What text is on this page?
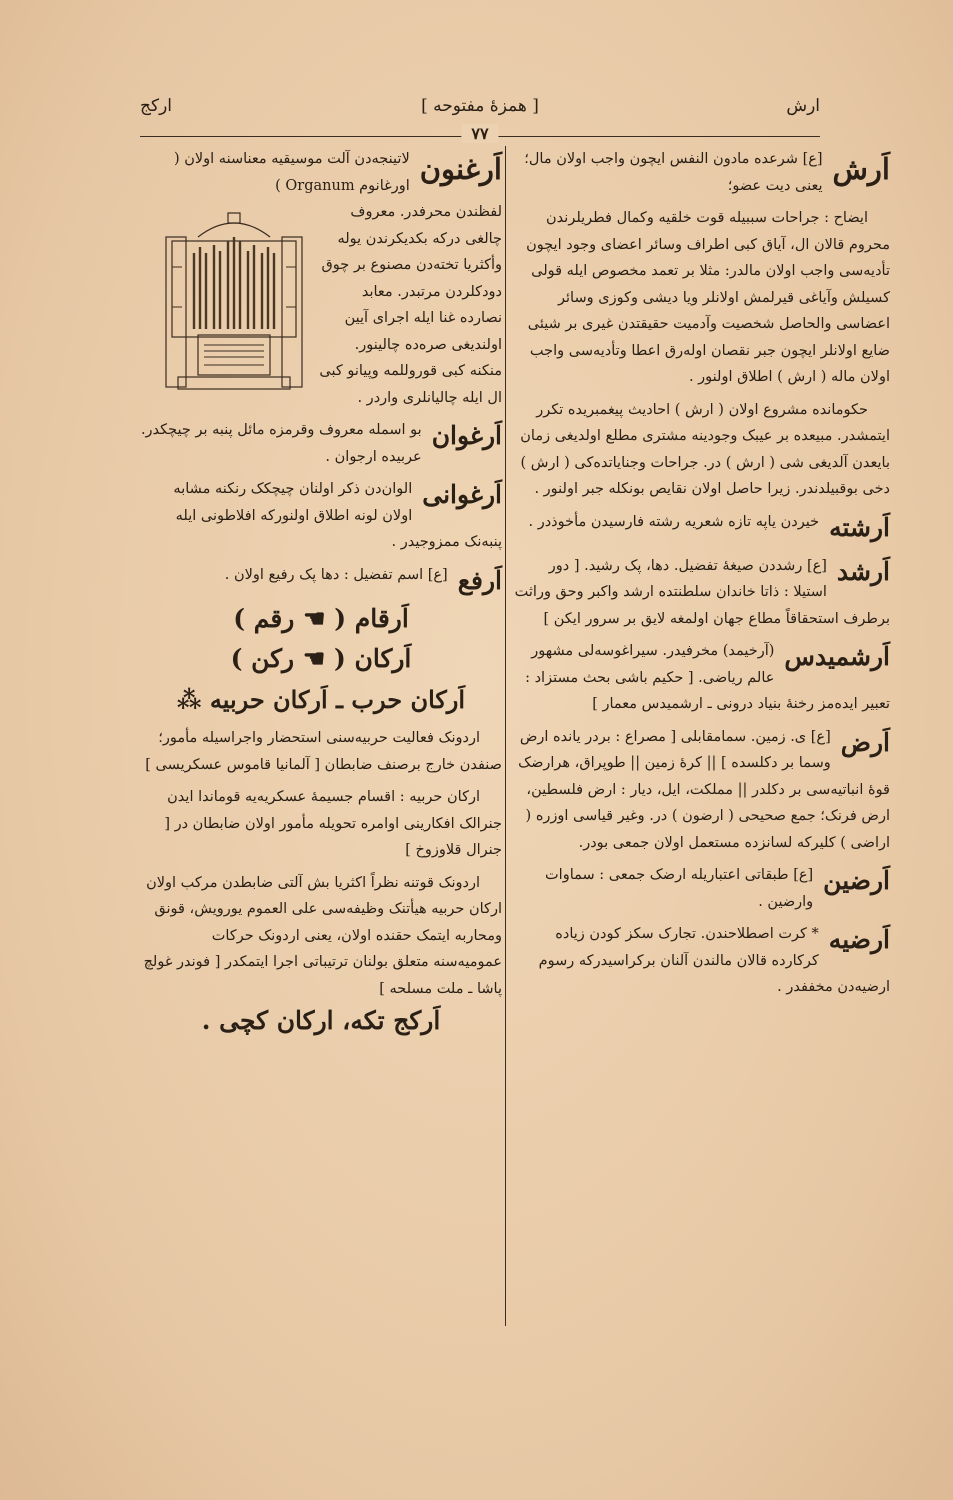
ارش
[ همزهٔ مفتوحه ]
ارکج
٧٧
اَرش
[ع] شرعده مادون النفس ایچون واجب اولان مال؛ یعنی دیت عضو؛
ایضاح : جراحات سببیله قوت خلقیه وکمال فطریلرندن محروم قالان ال، آیاق کبی اطراف وسائر اعضای وجود ایچون تأدیه‌سی واجب اولان مالدر: مثلا بر تعمد مخصوص ایله قولی کسیلش وآیاغی قیرلمش اولانلر ویا دیشی وکوزی وسائر اعضاسی والحاصل شخصیت وآدمیت حقیقتدن غیری بر شیئی ضایع اولانلر ایچون جبر نقصان اوله‌رق اعطا وتأدیه‌سی واجب اولان ماله ( ارش ) اطلاق اولنور .
حکومانده مشروع اولان ( ارش ) احادیث پیغمبریده تکرر ایتمشدر. مبیعده بر عیبک وجودینه مشتری مطلع اولدیغی زمان بایعدن آلدیغی شی ( ارش ) در. جراحات وجنایاتده‌کی ( ارش ) دخی بوقبیلدندر. زیرا حاصل اولان نقایص بونکله جبر اولنور .
اَرشته
خیردن یاپه تازه شعریه رشته فارسیدن مأخوذدر .
اَرشد
[ع] رشددن صیغهٔ تفضیل. دها، پک رشید. [ دور استیلا : ذاتا خاندان سلطنتده ارشد واکبر وحق وراثت برطرف استحقاقاً مطاع جهان اولمغه لایق بر سرور ایکن ]
اَرشمیدس
(آرخیمد) مخرفیدر. سیراغوسه‌لی مشهور عالم ریاضی. [ حکیم باشی بحث مستزاد : تعبیر ایده‌مز رخنهٔ بنیاد درونی ـ ارشمیدس معمار ]
اَرض
[ع] ی. زمین. سمامقابلی [ مصراع : بردر یانده ارض وسما بر دکلسده ] || کرهٔ زمین || طوپراق، هرارضک قوهٔ انباتیه‌سی بر دکلدر || مملکت، ایل، دیار : ارض فلسطین، ارض فرنک؛ جمع صحیحی ( ارضون ) در. وغیر قیاسی اوزره ( اراضی ) کلیرکه لسانزده مستعمل اولان جمعی بودر.
اَرضین
[ع] طبقاتی اعتباریله ارضک جمعی : سماوات وارضین .
اَرضیه
* کرت اصطلاحندن. تجارک سکز کودن زیاده کرکارده قالان مالندن آلنان برکراسیدرکه رسوم ارضیه‌دن مخففدر .
اَرغنون
لاتینجه‌دن آلت موسیقیه معناسنه اولان ( اورغانوم Organum )
لفظندن محرفدر. معروف چالغی درکه بکدیکرندن یوله وأکثریا تخته‌دن مصنوع بر چوق دودکلردن مرتبدر. معابد نصارده غنا ایله اجرای آیین اولندیغی صره‌ده چالینور. منکنه کبی قوروللمه وپیانو کبی ال ایله چالیانلری واردر .
اَرغوان
بو اسمله معروف وقرمزه مائل پنبه بر چیچکدر. عربیده ارجوان .
اَرغوانی
الوان‌دن ذکر اولنان چیچکک رنکنه مشابه اولان لونه اطلاق اولنورکه افلاطونی ایله پنبه‌نک ممزوجیدر .
اَرفع
[ع] اسم تفضیل : دها پک رفیع اولان .
اَرقام ( ☚ رقم )
اَرکان ( ☚ رکن )
اَرکان حرب ـ اَرکان حربیه ⁂
اردونک فعالیت حربیه‌سنی استحضار واجراسیله مأمور؛ صنفدن خارج برصنف ضابطان [ آلمانیا قاموس عسکریسی ]
ارکان حربیه : اقسام جسیمهٔ عسکریه‌یه قوماندا ایدن جنرالک افکارینی اوامره تحویله مأمور اولان ضابطان در [ جنرال قلاوزوخ ]
اردونک قوتنه نظراً اکثریا بش آلتی ضابطدن مرکب اولان ارکان حربیه هیأتنک وظیفه‌سی علی العموم یورویش، قونق ومحاربه ایتمک حقنده اولان، یعنی اردونک حرکات عمومیه‌سنه متعلق بولنان ترتیباتی اجرا ایتمکدر [ فوندر غولچ پاشا ـ ملت مسلحه ]
اَرکج تکه، ارکان کچی .
